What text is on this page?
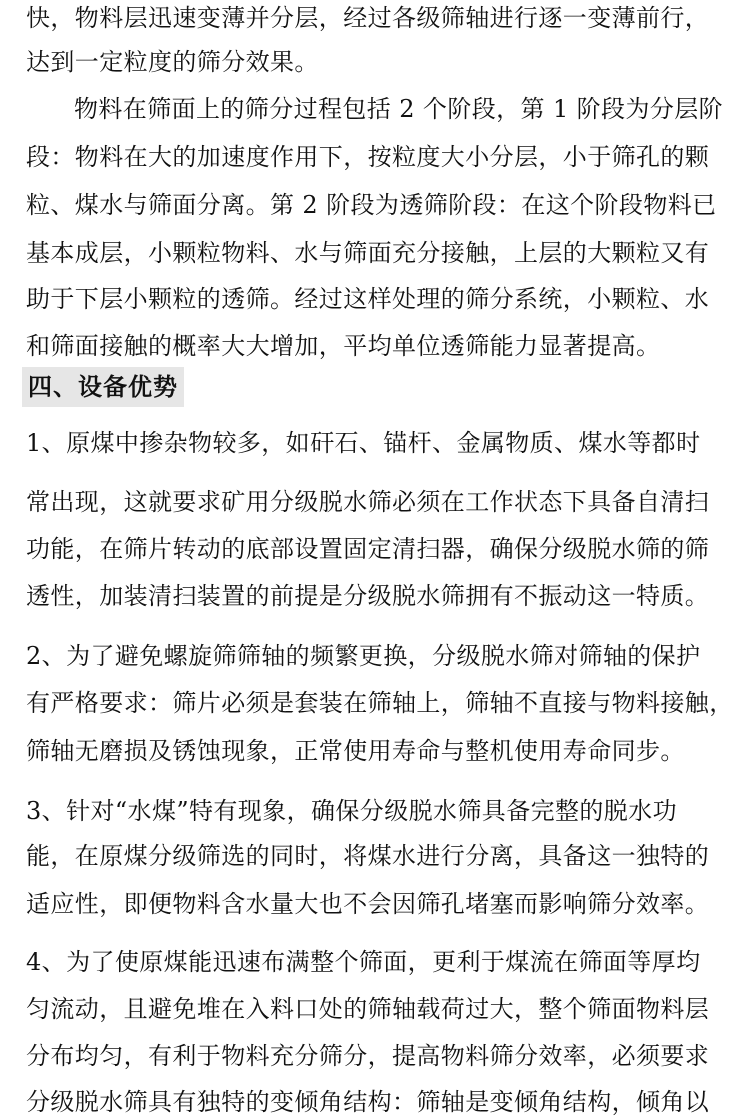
快，物料层迅速变薄并分层，经过各级筛轴进行逐一变薄前行，
达到一定粒度的筛分效果。
物料在筛面上的筛分过程包括 2 个阶段，第 1 阶段为分层阶
段：物料在大的加速度作用下，按粒度大小分层，小于筛孔的颗
粒、煤水与筛面分离。第 2 阶段为透筛阶段：在这个阶段物料已
基本成层，小颗粒物料、水与筛面充分接触，上层的大颗粒又有
助于下层小颗粒的透筛。经过这样处理的筛分系统，小颗粒、水
和筛面接触的概率大大增加，平均单位透筛能力显著提高。
四、设备优势
1、原煤中掺杂物较多，如矸石、锚杆、金属物质、煤水等都时
常出现，这就要求矿用分级脱水筛必须在工作状态下具备自清扫
功能，在筛片转动的底部设置固定清扫器，确保分级脱水筛的筛
透性，加装清扫装置的前提是分级脱水筛拥有不振动这一特质。
2、为了避免螺旋筛筛轴的频繁更换，分级脱水筛对筛轴的保护
有严格要求：筛片必须是套装在筛轴上，筛轴不直接与物料接触，
筛轴无磨损及锈蚀现象，正常使用寿命与整机使用寿命同步。
3、针对“水煤”特有现象，确保分级脱水筛具备完整的脱水功
能，在原煤分级筛选的同时，将煤水进行分离，具备这一独特的
适应性，即便物料含水量大也不会因筛孔堵塞而影响筛分效率。
4、为了使原煤能迅速布满整个筛面，更利于煤流在筛面等厚均
匀流动，且避免堆在入料口处的筛轴载荷过大，整个筛面物料层
分布均匀，有利于物料充分筛分，提高物料筛分效率，必须要求
分级脱水筛具有独特的变倾角结构：筛轴是变倾角结构，倾角以
